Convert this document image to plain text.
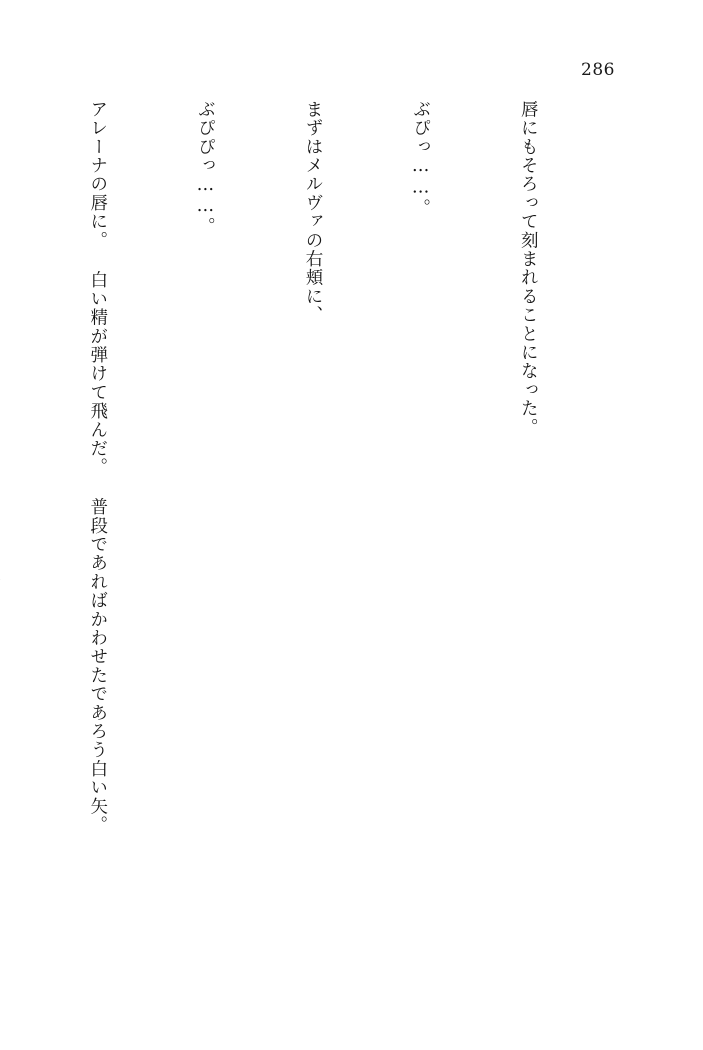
286

唇にもそろって刻まれることになった。

ぶぴっ……。

まずはメルヴァの右頬に、

ぶぴぴっ……。

アレーナの唇に。 白い精が弾けて飛んだ。 普段であればかわせたであろう白い矢。
